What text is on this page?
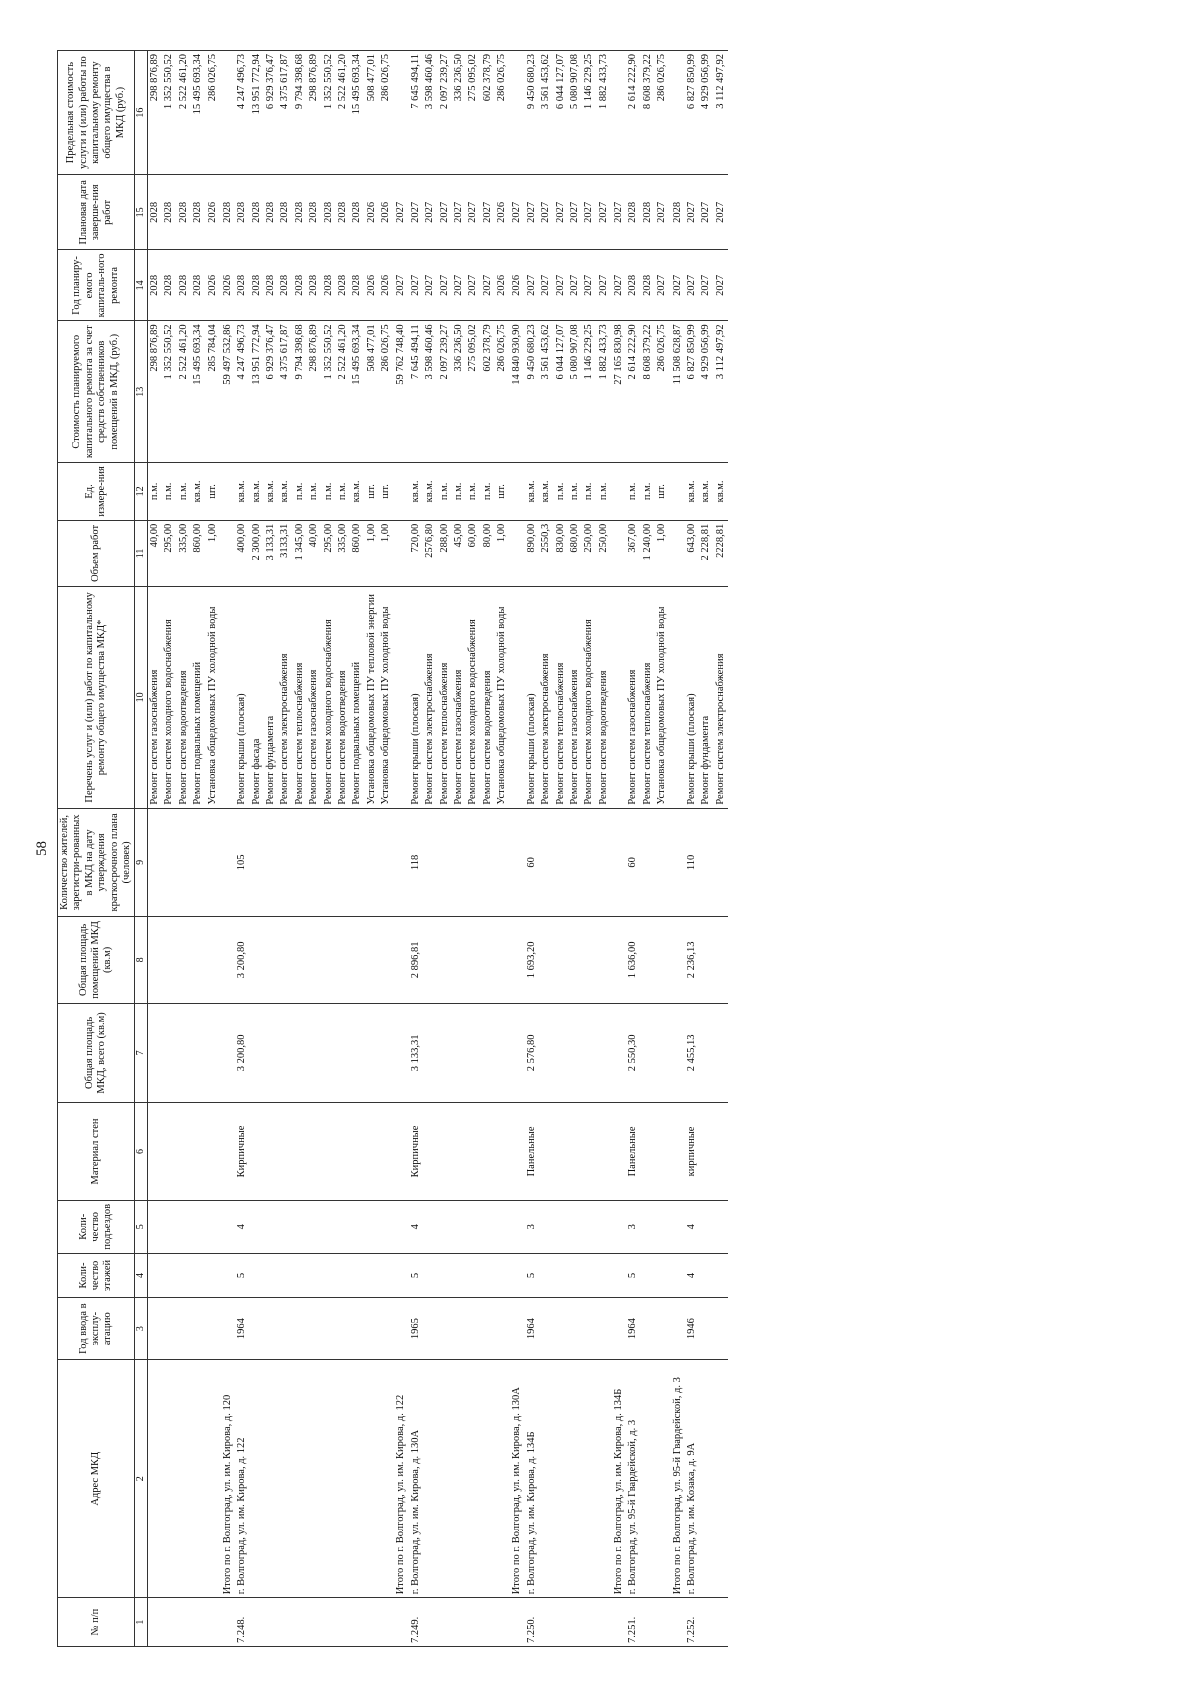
58
№ п/п	Адрес МКД	Год ввода в эксплу-атацию	Коли-чество этажей	Коли-чество подъездов	Материал стен	Общая площадь МКД, всего (кв.м)	Общая площадь помещений МКД (кв.м)	Количество жителей, зарегистри-рованных в МКД на дату утверждения краткосрочного плана (человек)	Перечень услуг и (или) работ по капитальному ремонту общего имущества МКД*	Объем работ	Ед. измере-ния	Стоимость планируемого капитального ремонта за счет средств собственников помещений в МКД, (руб.)	Год планиру-емого капиталь-ного ремонта	Плановая дата заверше-ния работ	Предельная стоимость услуги и (или) работы по капитальному ремонту общего имущества в МКД (руб.)
1	2	3	4	5	6	7	8	9	10	11	12	13	14	15	16
									Ремонт систем газоснабжения	40,00	п.м.	298 876,89	2028	2028	298 876,89
									Ремонт систем холодного водоснабжения	295,00	п.м.	1 352 550,52	2028	2028	1 352 550,52
									Ремонт систем водоотведения	335,00	п.м.	2 522 461,20	2028	2028	2 522 461,20
									Ремонт подвальных помещений	860,00	кв.м.	15 495 693,34	2028	2028	15 495 693,34
									Установка общедомовых ПУ холодной воды	1,00	шт.	285 784,04	2026	2026	286 026,75
	Итого по г. Волгоград, ул. им. Кирова, д. 120											59 497 532,86	2026	2028	
7.248.	г. Волгоград, ул. им. Кирова, д. 122	1964	5	4	Кирпичные	3 200,80	3 200,80	105	Ремонт крыши (плоская)	400,00	кв.м.	4 247 496,73	2028	2028	4 247 496,73
									Ремонт фасада	2 300,00	кв.м.	13 951 772,94	2028	2028	13 951 772,94
									Ремонт фундамента	3 133,31	кв.м.	6 929 376,47	2028	2028	6 929 376,47
									Ремонт систем электроснабжения	3133,31	кв.м.	4 375 617,87	2028	2028	4 375 617,87
									Ремонт систем теплоснабжения	1 345,00	п.м.	9 794 398,68	2028	2028	9 794 398,68
									Ремонт систем газоснабжения	40,00	п.м.	298 876,89	2028	2028	298 876,89
									Ремонт систем холодного водоснабжения	295,00	п.м.	1 352 550,52	2028	2028	1 352 550,52
									Ремонт систем водоотведения	335,00	п.м.	2 522 461,20	2028	2028	2 522 461,20
									Ремонт подвальных помещений	860,00	кв.м.	15 495 693,34	2028	2028	15 495 693,34
									Установка общедомовых ПУ тепловой энергии	1,00	шт.	508 477,01	2026	2026	508 477,01
									Установка общедомовых ПУ холодной воды	1,00	шт.	286 026,75	2026	2026	286 026,75
	Итого по г. Волгоград, ул. им. Кирова, д. 122											59 762 748,40	2027	2027	
7.249.	г. Волгоград, ул. им. Кирова, д. 130А	1965	5	4	Кирпичные	3 133,31	2 896,81	118	Ремонт крыши (плоская)	720,00	кв.м.	7 645 494,11	2027	2027	7 645 494,11
									Ремонт систем электроснабжения	2576,80	кв.м.	3 598 460,46	2027	2027	3 598 460,46
									Ремонт систем теплоснабжения	288,00	п.м.	2 097 239,27	2027	2027	2 097 239,27
									Ремонт систем газоснабжения	45,00	п.м.	336 236,50	2027	2027	336 236,50
									Ремонт систем холодного водоснабжения	60,00	п.м.	275 095,02	2027	2027	275 095,02
									Ремонт систем водоотведения	80,00	п.м.	602 378,79	2027	2027	602 378,79
									Установка общедомовых ПУ холодной воды	1,00	шт.	286 026,75	2026	2026	286 026,75
	Итого по г. Волгоград, ул. им. Кирова, д. 130А											14 840 930,90	2026	2027	
7.250.	г. Волгоград, ул. им. Кирова, д. 134Б	1964	5	3	Панельные	2 576,80	1 693,20	60	Ремонт крыши (плоская)	890,00	кв.м.	9 450 680,23	2027	2027	9 450 680,23
									Ремонт систем электроснабжения	2550,3	кв.м.	3 561 453,62	2027	2027	3 561 453,62
									Ремонт систем теплоснабжения	830,00	п.м.	6 044 127,07	2027	2027	6 044 127,07
									Ремонт систем газоснабжения	680,00	п.м.	5 080 907,08	2027	2027	5 080 907,08
									Ремонт систем холодного водоснабжения	250,00	п.м.	1 146 229,25	2027	2027	1 146 229,25
									Ремонт систем водоотведения	250,00	п.м.	1 882 433,73	2027	2027	1 882 433,73
	Итого по г. Волгоград, ул. им. Кирова, д. 134Б											27 165 830,98	2027	2027	
7.251.	г. Волгоград, ул. 95-й Гвардейской, д. 3	1964	5	3	Панельные	2 550,30	1 636,00	60	Ремонт систем газоснабжения	367,00	п.м.	2 614 222,90	2028	2028	2 614 222,90
									Ремонт систем теплоснабжения	1 240,00	п.м.	8 608 379,22	2028	2028	8 608 379,22
									Установка общедомовых ПУ холодной воды	1,00	шт.	286 026,75	2027	2027	286 026,75
	Итого по г. Волгоград, ул. 95-й Гвардейской, д. 3											11 508 628,87	2027	2028	
7.252.	г. Волгоград, ул. им. Козака, д. 9А	1946	4	4	кирпичные	2 455,13	2 236,13	110	Ремонт крыши (плоская)	643,00	кв.м.	6 827 850,99	2027	2027	6 827 850,99
									Ремонт фундамента	2 228,81	кв.м.	4 929 056,99	2027	2027	4 929 056,99
									Ремонт систем электроснабжения	2228,81	кв.м.	3 112 497,92	2027	2027	3 112 497,92
